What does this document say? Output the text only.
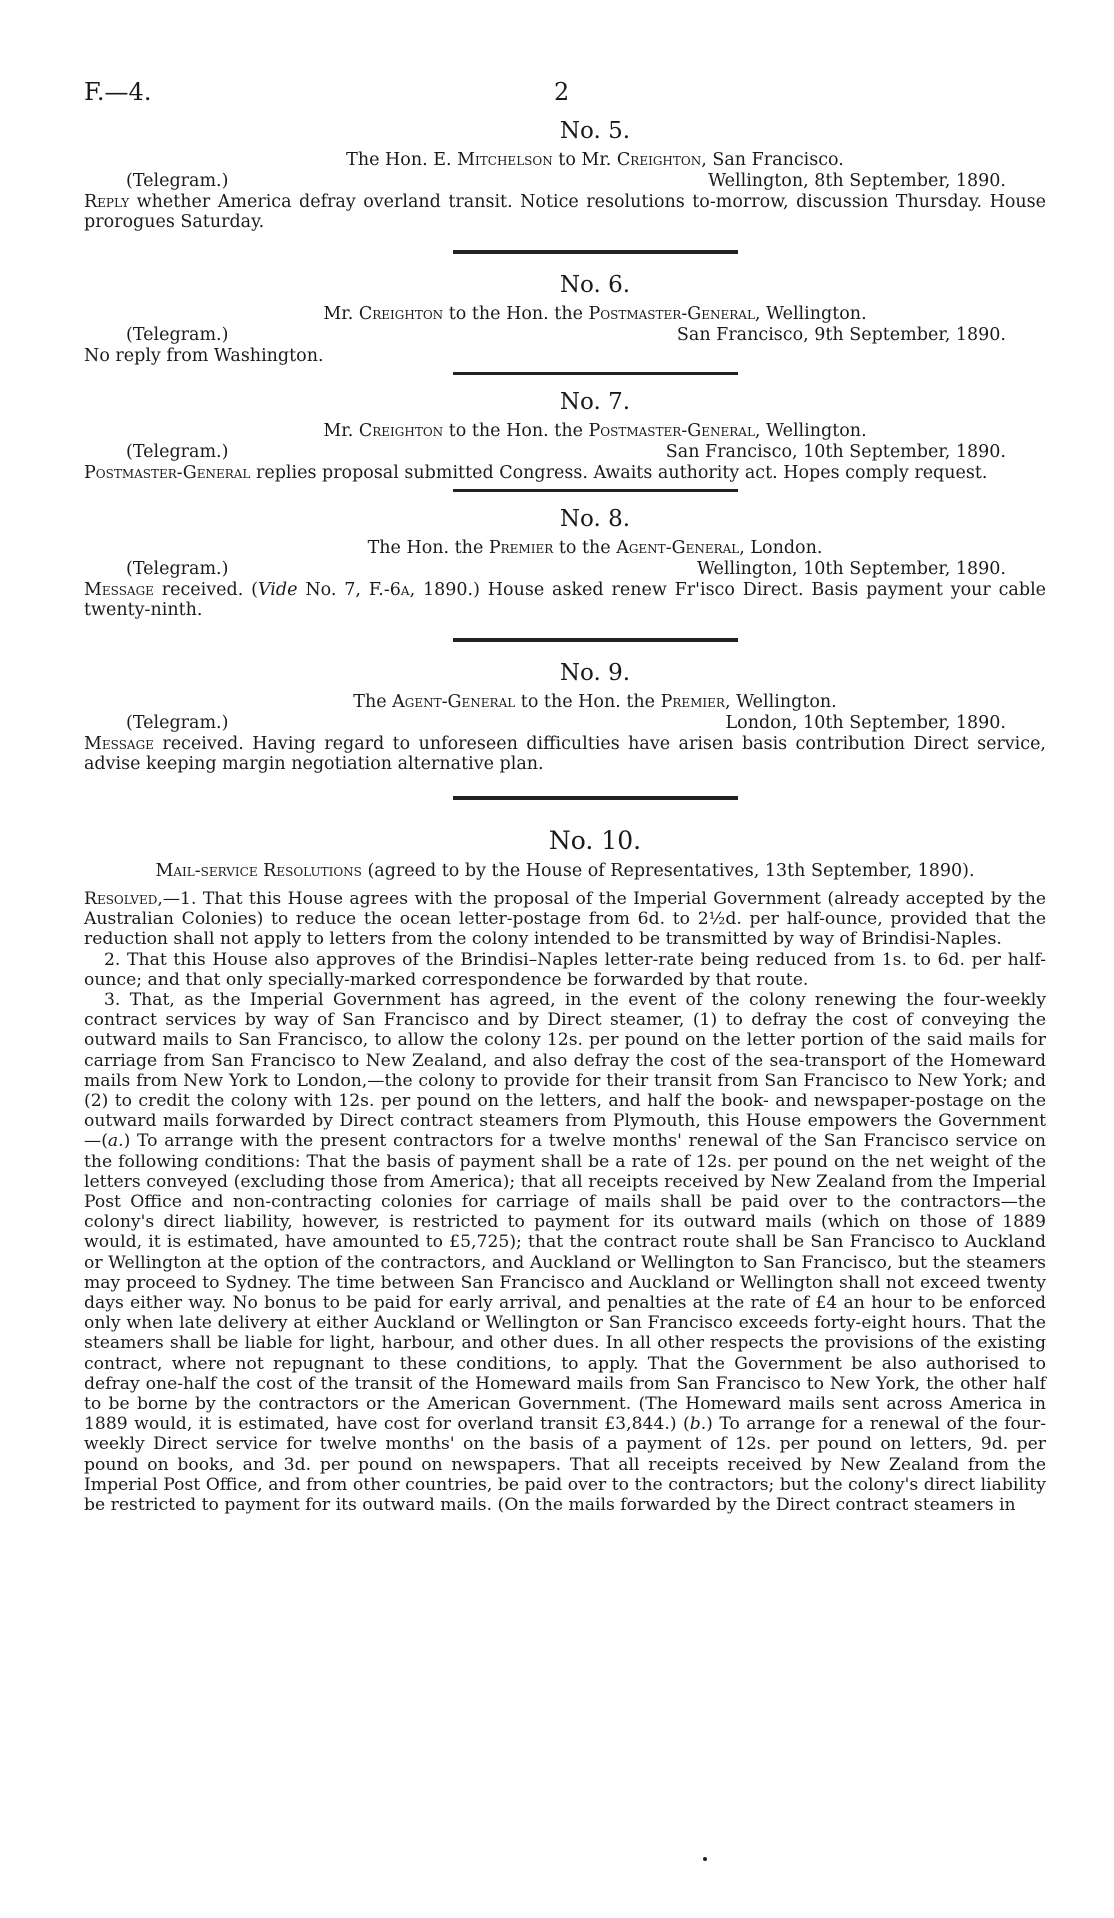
F.—4.	2
No. 5.

The Hon. E. Mitchelson to Mr. Creighton, San Francisco.

(Telegram.)	Wellington, 8th September, 1890.

Reply whether America defray overland transit. Notice resolutions to-morrow, discussion Thursday. House prorogues Saturday.

No. 6.

Mr. Creighton to the Hon. the Postmaster-General, Wellington.

(Telegram.)	San Francisco, 9th September, 1890.

No reply from Washington.

No. 7.

Mr. Creighton to the Hon. the Postmaster-General, Wellington.

(Telegram.)	San Francisco, 10th September, 1890.

Postmaster-General replies proposal submitted Congress. Awaits authority act. Hopes comply request.

No. 8.

The Hon. the Premier to the Agent-General, London.

(Telegram.)	Wellington, 10th September, 1890.

Message received. (Vide No. 7, F.-6a, 1890.) House asked renew Fr'isco Direct. Basis payment your cable twenty-ninth.

No. 9.

The Agent-General to the Hon. the Premier, Wellington.

(Telegram.)	London, 10th September, 1890.

Message received. Having regard to unforeseen difficulties have arisen basis contribution Direct service, advise keeping margin negotiation alternative plan.

No. 10.

Mail-service Resolutions (agreed to by the House of Representatives, 13th September, 1890).

Resolved,—1. That this House agrees with the proposal of the Imperial Government (already accepted by the Australian Colonies) to reduce the ocean letter-postage from 6d. to 2½d. per half-ounce, provided that the reduction shall not apply to letters from the colony intended to be transmitted by way of Brindisi-Naples.

2. That this House also approves of the Brindisi–Naples letter-rate being reduced from 1s. to 6d. per half-ounce; and that only specially-marked correspondence be forwarded by that route.

3. That, as the Imperial Government has agreed, in the event of the colony renewing the four-weekly contract services by way of San Francisco and by Direct steamer, (1) to defray the cost of conveying the outward mails to San Francisco, to allow the colony 12s. per pound on the letter portion of the said mails for carriage from San Francisco to New Zealand, and also defray the cost of the sea-transport of the Homeward mails from New York to London,—the colony to provide for their transit from San Francisco to New York; and (2) to credit the colony with 12s. per pound on the letters, and half the book- and newspaper-postage on the outward mails forwarded by Direct contract steamers from Plymouth, this House empowers the Government—(a.) To arrange with the present contractors for a twelve months' renewal of the San Francisco service on the following conditions: That the basis of payment shall be a rate of 12s. per pound on the net weight of the letters conveyed (excluding those from America); that all receipts received by New Zealand from the Imperial Post Office and non-contracting colonies for carriage of mails shall be paid over to the contractors—the colony's direct liability, however, is restricted to payment for its outward mails (which on those of 1889 would, it is estimated, have amounted to £5,725); that the contract route shall be San Francisco to Auckland or Wellington at the option of the contractors, and Auckland or Wellington to San Francisco, but the steamers may proceed to Sydney. The time between San Francisco and Auckland or Wellington shall not exceed twenty days either way. No bonus to be paid for early arrival, and penalties at the rate of £4 an hour to be enforced only when late delivery at either Auckland or Wellington or San Francisco exceeds forty-eight hours. That the steamers shall be liable for light, harbour, and other dues. In all other respects the provisions of the existing contract, where not repugnant to these conditions, to apply. That the Government be also authorised to defray one-half the cost of the transit of the Homeward mails from San Francisco to New York, the other half to be borne by the contractors or the American Government. (The Homeward mails sent across America in 1889 would, it is estimated, have cost for overland transit £3,844.) (b.) To arrange for a renewal of the four-weekly Direct service for twelve months' on the basis of a payment of 12s. per pound on letters, 9d. per pound on books, and 3d. per pound on newspapers. That all receipts received by New Zealand from the Imperial Post Office, and from other countries, be paid over to the contractors; but the colony's direct liability be restricted to payment for its outward mails. (On the mails forwarded by the Direct contract steamers in
